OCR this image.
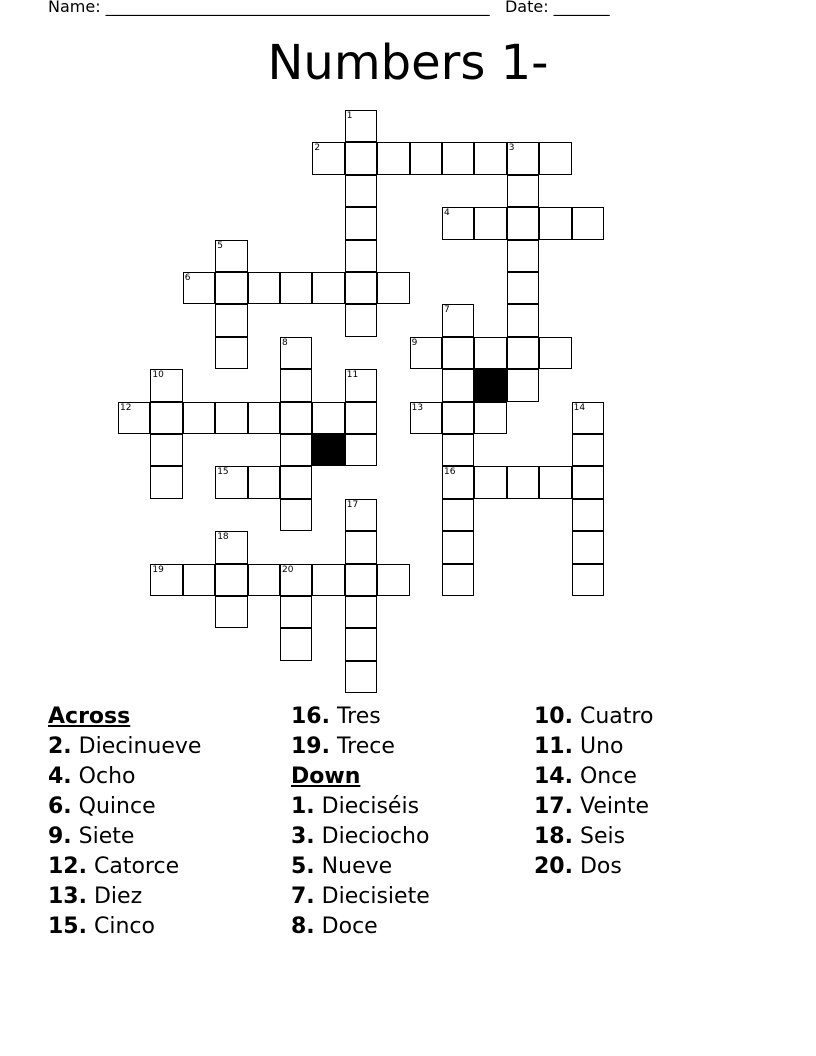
Name: ________________________________________________ Date: _______
Numbers 1-
1
2	3
4
5
6
7
8	9
10	11
12	13	14
15	16
17
18
19	20
Across
2. Diecinueve
4. Ocho
6. Quince
9. Siete
12. Catorce
13. Diez
15. Cinco
16. Tres
19. Trece
Down
1. Dieciséis
3. Dieciocho
5. Nueve
7. Diecisiete
8. Doce
10. Cuatro
11. Uno
14. Once
17. Veinte
18. Seis
20. Dos
